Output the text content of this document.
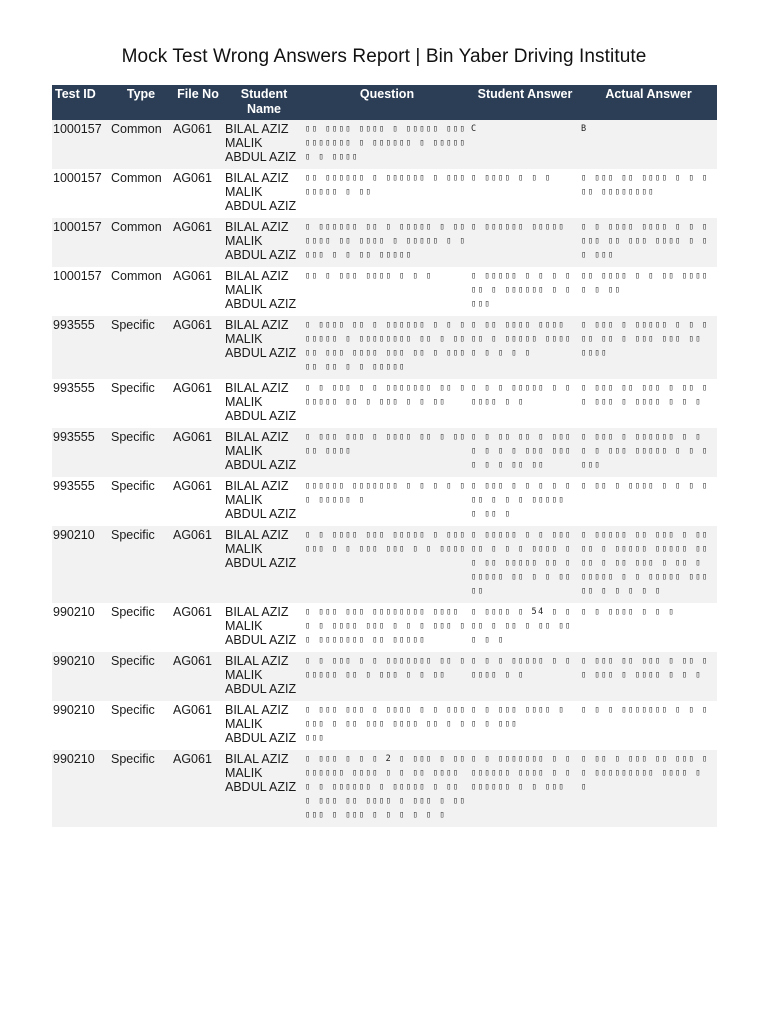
Mock Test Wrong Answers Report | Bin Yaber Driving Institute
Test ID	Type	File No	Student Name	Question	Student Answer	Actual Answer
1000157	Common	AG061	BILAL AZIZ MALIK ABDUL AZIZ	▯▯ ▯▯▯▯ ▯▯▯▯ ▯ ▯▯▯▯▯ ▯▯▯▯▯▯▯▯▯▯ ▯ ▯▯▯▯▯▯ ▯ ▯▯▯▯▯ ▯ ▯ ▯▯▯▯	C	B

1000157	Common	AG061	BILAL AZIZ MALIK ABDUL AZIZ	▯▯ ▯▯▯▯▯▯ ▯ ▯▯▯▯▯▯ ▯ ▯▯▯▯▯▯▯▯ ▯ ▯▯	▯ ▯▯▯▯ ▯ ▯ ▯	▯ ▯▯▯ ▯▯ ▯▯▯▯ ▯ ▯ ▯ ▯▯ ▯▯▯▯▯▯▯▯

1000157	Common	AG061	BILAL AZIZ MALIK ABDUL AZIZ	▯ ▯▯▯▯▯▯ ▯▯ ▯ ▯▯▯▯▯ ▯ ▯▯▯▯▯▯ ▯▯ ▯▯▯▯ ▯ ▯▯▯▯▯ ▯ ▯▯▯▯ ▯ ▯ ▯▯ ▯▯▯▯▯	▯ ▯▯▯▯▯▯ ▯▯▯▯▯	▯ ▯ ▯▯▯▯ ▯▯▯▯ ▯ ▯ ▯ ▯▯▯ ▯▯ ▯▯▯ ▯▯▯▯ ▯ ▯▯ ▯▯▯

1000157	Common	AG061	BILAL AZIZ MALIK ABDUL AZIZ	▯▯ ▯ ▯▯▯ ▯▯▯▯ ▯ ▯ ▯	▯ ▯▯▯▯▯ ▯ ▯ ▯ ▯ ▯▯ ▯ ▯▯▯▯▯▯ ▯ ▯ ▯▯▯	▯▯ ▯▯▯▯ ▯ ▯ ▯▯ ▯▯▯▯ ▯ ▯ ▯▯

993555	Specific	AG061	BILAL AZIZ MALIK ABDUL AZIZ	▯ ▯▯▯▯ ▯▯ ▯ ▯▯▯▯▯▯ ▯ ▯ ▯ ▯▯▯▯▯ ▯ ▯▯▯▯▯▯▯▯ ▯▯ ▯ ▯▯▯▯ ▯▯▯ ▯▯▯▯ ▯▯▯ ▯▯ ▯ ▯▯▯ ▯▯ ▯▯ ▯ ▯ ▯▯▯▯▯	▯ ▯▯ ▯▯▯▯ ▯▯▯▯ ▯▯ ▯ ▯▯▯▯▯ ▯▯▯▯ ▯ ▯ ▯ ▯ ▯	▯ ▯▯▯ ▯ ▯▯▯▯▯ ▯ ▯ ▯▯▯ ▯▯ ▯ ▯▯▯ ▯▯▯ ▯▯ ▯▯▯▯

993555	Specific	AG061	BILAL AZIZ MALIK ABDUL AZIZ	▯ ▯ ▯▯▯ ▯ ▯ ▯▯▯▯▯▯▯ ▯▯ ▯ ▯▯▯▯▯ ▯▯ ▯ ▯▯▯ ▯ ▯ ▯▯	▯ ▯ ▯ ▯▯▯▯▯ ▯ ▯▯▯▯▯ ▯ ▯	▯ ▯▯▯ ▯▯ ▯▯▯ ▯ ▯▯ ▯ ▯ ▯▯▯ ▯ ▯▯▯▯ ▯ ▯ ▯

993555	Specific	AG061	BILAL AZIZ MALIK ABDUL AZIZ	▯ ▯▯▯ ▯▯▯ ▯ ▯▯▯▯ ▯▯ ▯ ▯▯ ▯▯ ▯▯▯▯	▯ ▯ ▯▯ ▯▯ ▯ ▯▯▯▯ ▯ ▯ ▯ ▯▯▯ ▯▯▯▯ ▯ ▯ ▯▯ ▯▯	▯ ▯▯▯ ▯ ▯▯▯▯▯▯ ▯ ▯ ▯ ▯ ▯▯▯ ▯▯▯▯▯ ▯ ▯ ▯▯▯▯

993555	Specific	AG061	BILAL AZIZ MALIK ABDUL AZIZ	▯▯▯▯▯▯ ▯▯▯▯▯▯▯ ▯ ▯ ▯ ▯ ▯▯ ▯▯▯▯▯ ▯	▯ ▯▯▯ ▯ ▯ ▯ ▯ ▯ ▯▯ ▯ ▯ ▯ ▯▯▯▯▯ ▯ ▯▯ ▯	▯ ▯▯ ▯ ▯▯▯▯ ▯ ▯ ▯ ▯

990210	Specific	AG061	BILAL AZIZ MALIK ABDUL AZIZ	▯ ▯ ▯▯▯▯ ▯▯▯ ▯▯▯▯▯ ▯ ▯▯▯▯▯▯ ▯ ▯ ▯▯▯ ▯▯▯ ▯ ▯ ▯▯▯▯	▯ ▯▯▯▯▯ ▯ ▯ ▯▯▯▯▯ ▯ ▯ ▯ ▯▯▯▯ ▯ ▯ ▯▯ ▯▯▯▯▯ ▯▯ ▯ ▯▯▯▯▯ ▯▯ ▯ ▯ ▯▯▯▯	▯ ▯▯▯▯▯ ▯▯ ▯▯▯ ▯ ▯▯▯▯ ▯ ▯▯▯▯▯ ▯▯▯▯▯ ▯▯▯▯ ▯ ▯▯ ▯▯▯ ▯ ▯▯ ▯ ▯▯▯▯▯ ▯ ▯ ▯▯▯▯▯ ▯▯▯▯▯ ▯ ▯ ▯ ▯ ▯

990210	Specific	AG061	BILAL AZIZ MALIK ABDUL AZIZ	▯ ▯▯▯ ▯▯▯ ▯▯▯▯▯▯▯▯ ▯▯▯▯ ▯ ▯ ▯▯▯▯ ▯▯▯ ▯ ▯ ▯ ▯▯▯ ▯▯ ▯▯▯▯▯▯▯ ▯▯ ▯▯▯▯▯	▯ ▯▯▯▯ ▯ 54 ▯ ▯ ▯▯ ▯ ▯▯ ▯ ▯▯ ▯▯▯ ▯ ▯	▯ ▯ ▯▯▯▯ ▯ ▯ ▯

990210	Specific	AG061	BILAL AZIZ MALIK ABDUL AZIZ	▯ ▯ ▯▯▯ ▯ ▯ ▯▯▯▯▯▯▯ ▯▯ ▯ ▯▯▯▯▯ ▯▯ ▯ ▯▯▯ ▯ ▯ ▯▯	▯ ▯ ▯ ▯▯▯▯▯ ▯ ▯▯▯▯▯ ▯ ▯	▯ ▯▯▯ ▯▯ ▯▯▯ ▯ ▯▯ ▯ ▯ ▯▯▯ ▯ ▯▯▯▯ ▯ ▯ ▯

990210	Specific	AG061	BILAL AZIZ MALIK ABDUL AZIZ	▯ ▯▯▯ ▯▯▯ ▯ ▯▯▯▯ ▯ ▯ ▯▯▯▯▯▯ ▯ ▯▯ ▯▯▯ ▯▯▯▯ ▯▯ ▯ ▯ ▯▯▯	▯ ▯ ▯▯▯ ▯▯▯▯ ▯ ▯ ▯ ▯▯▯	▯ ▯ ▯ ▯▯▯▯▯▯▯ ▯ ▯ ▯

990210	Specific	AG061	BILAL AZIZ MALIK ABDUL AZIZ	▯ ▯▯▯ ▯ ▯ ▯ 2 ▯ ▯▯▯ ▯ ▯▯▯▯▯▯▯▯ ▯▯▯▯ ▯ ▯ ▯▯ ▯▯▯▯ ▯ ▯ ▯▯▯▯▯▯ ▯ ▯▯▯▯▯ ▯ ▯▯ ▯ ▯▯▯ ▯▯ ▯▯▯▯ ▯ ▯▯▯ ▯ ▯▯▯▯▯ ▯ ▯▯▯ ▯ ▯ ▯ ▯ ▯ ▯	▯ ▯ ▯▯▯▯▯▯▯ ▯ ▯ ▯▯▯▯▯▯ ▯▯▯▯ ▯ ▯ ▯▯▯▯▯▯ ▯ ▯ ▯▯▯	▯ ▯▯ ▯ ▯▯▯ ▯▯ ▯▯▯ ▯ ▯ ▯▯▯▯▯▯▯▯▯ ▯▯▯▯ ▯ ▯
